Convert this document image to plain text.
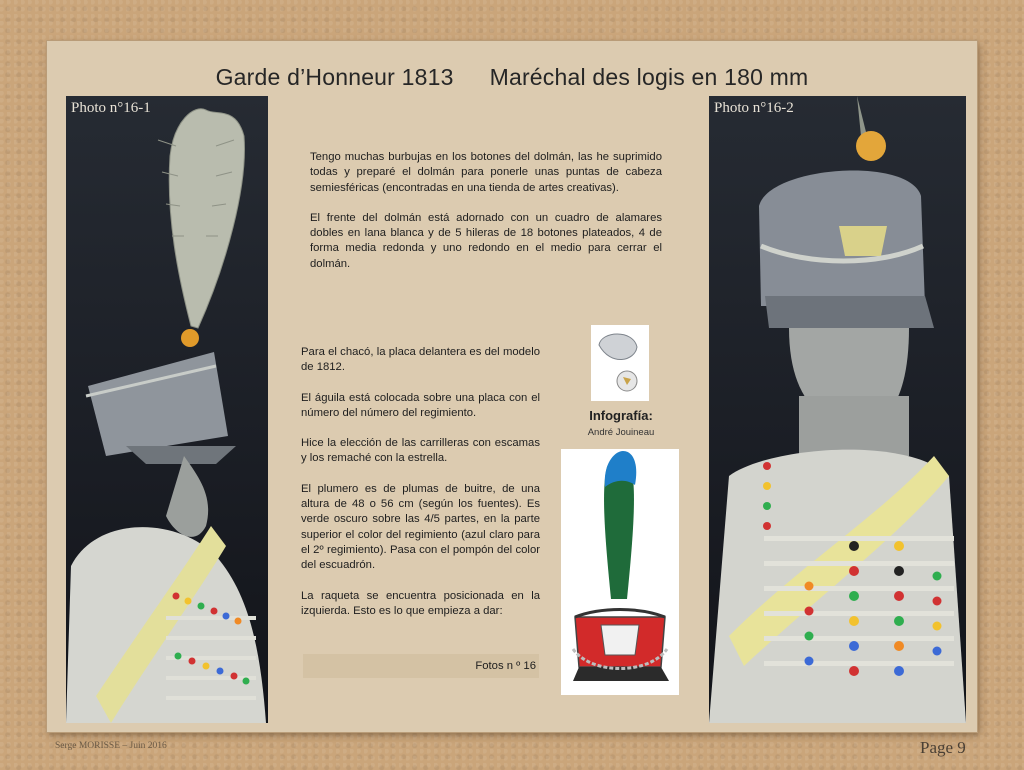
Garde d’Honneur 1813 Maréchal des logis en 180 mm
Photo n°16-1	Photo n°16-2

Tengo muchas burbujas en los botones del dolmán, las he suprimido todas y preparé el dolmán para ponerle unas puntas de cabeza semiesféricas (encontradas en una tienda de artes creativas).

El frente del dolmán está adornado con un cuadro de alamares dobles en lana blanca y de 5 hileras de 18 botones plateados, 4 de forma media redonda y uno redondo en el medio para cerrar el dolmán.

Para el chacó, la placa delantera es del modelo de 1812.

El águila está colocada sobre una placa con el número del número del regimiento.

Hice la elección de las carrilleras con escamas y los remaché con la estrella.

El plumero es de plumas de buitre, de una altura de 48 o 56 cm (según los fuentes). Es verde oscuro sobre las 4/5 partes, en la parte superior el color del regimiento (azul claro para el 2º regimiento). Pasa con el pompón del color del escuadrón.

La raqueta se encuentra posicionada en la izquierda. Esto es lo que empieza a dar:

Fotos n º 16
Infografía:
André Jouineau
Serge MORISSE – Juin 2016	Page 9
